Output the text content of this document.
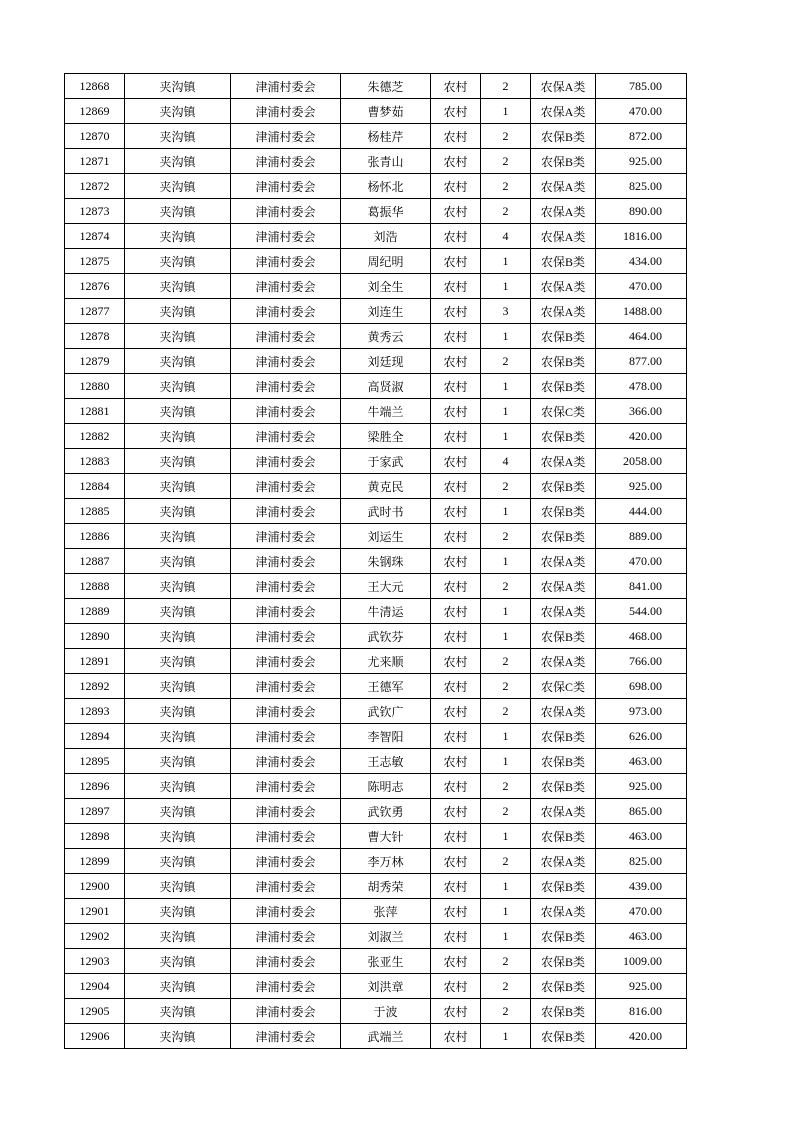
12868	夹沟镇	津浦村委会	朱德芝	农村	2	农保A类	785.00
12869	夹沟镇	津浦村委会	曹梦茹	农村	1	农保A类	470.00
12870	夹沟镇	津浦村委会	杨桂芹	农村	2	农保B类	872.00
12871	夹沟镇	津浦村委会	张青山	农村	2	农保B类	925.00
12872	夹沟镇	津浦村委会	杨怀北	农村	2	农保A类	825.00
12873	夹沟镇	津浦村委会	葛振华	农村	2	农保A类	890.00
12874	夹沟镇	津浦村委会	刘浩	农村	4	农保A类	1816.00
12875	夹沟镇	津浦村委会	周纪明	农村	1	农保B类	434.00
12876	夹沟镇	津浦村委会	刘全生	农村	1	农保A类	470.00
12877	夹沟镇	津浦村委会	刘连生	农村	3	农保A类	1488.00
12878	夹沟镇	津浦村委会	黄秀云	农村	1	农保B类	464.00
12879	夹沟镇	津浦村委会	刘廷现	农村	2	农保B类	877.00
12880	夹沟镇	津浦村委会	高贤淑	农村	1	农保B类	478.00
12881	夹沟镇	津浦村委会	牛端兰	农村	1	农保C类	366.00
12882	夹沟镇	津浦村委会	梁胜全	农村	1	农保B类	420.00
12883	夹沟镇	津浦村委会	于家武	农村	4	农保A类	2058.00
12884	夹沟镇	津浦村委会	黄克民	农村	2	农保B类	925.00
12885	夹沟镇	津浦村委会	武时书	农村	1	农保B类	444.00
12886	夹沟镇	津浦村委会	刘运生	农村	2	农保B类	889.00
12887	夹沟镇	津浦村委会	朱钢珠	农村	1	农保A类	470.00
12888	夹沟镇	津浦村委会	王大元	农村	2	农保A类	841.00
12889	夹沟镇	津浦村委会	牛清运	农村	1	农保A类	544.00
12890	夹沟镇	津浦村委会	武钦芬	农村	1	农保B类	468.00
12891	夹沟镇	津浦村委会	尤来顺	农村	2	农保A类	766.00
12892	夹沟镇	津浦村委会	王德军	农村	2	农保C类	698.00
12893	夹沟镇	津浦村委会	武钦广	农村	2	农保A类	973.00
12894	夹沟镇	津浦村委会	李智阳	农村	1	农保B类	626.00
12895	夹沟镇	津浦村委会	王志敏	农村	1	农保B类	463.00
12896	夹沟镇	津浦村委会	陈明志	农村	2	农保B类	925.00
12897	夹沟镇	津浦村委会	武钦勇	农村	2	农保A类	865.00
12898	夹沟镇	津浦村委会	曹大针	农村	1	农保B类	463.00
12899	夹沟镇	津浦村委会	李万林	农村	2	农保A类	825.00
12900	夹沟镇	津浦村委会	胡秀荣	农村	1	农保B类	439.00
12901	夹沟镇	津浦村委会	张萍	农村	1	农保A类	470.00
12902	夹沟镇	津浦村委会	刘淑兰	农村	1	农保B类	463.00
12903	夹沟镇	津浦村委会	张亚生	农村	2	农保B类	1009.00
12904	夹沟镇	津浦村委会	刘洪章	农村	2	农保B类	925.00
12905	夹沟镇	津浦村委会	于波	农村	2	农保B类	816.00
12906	夹沟镇	津浦村委会	武端兰	农村	1	农保B类	420.00
